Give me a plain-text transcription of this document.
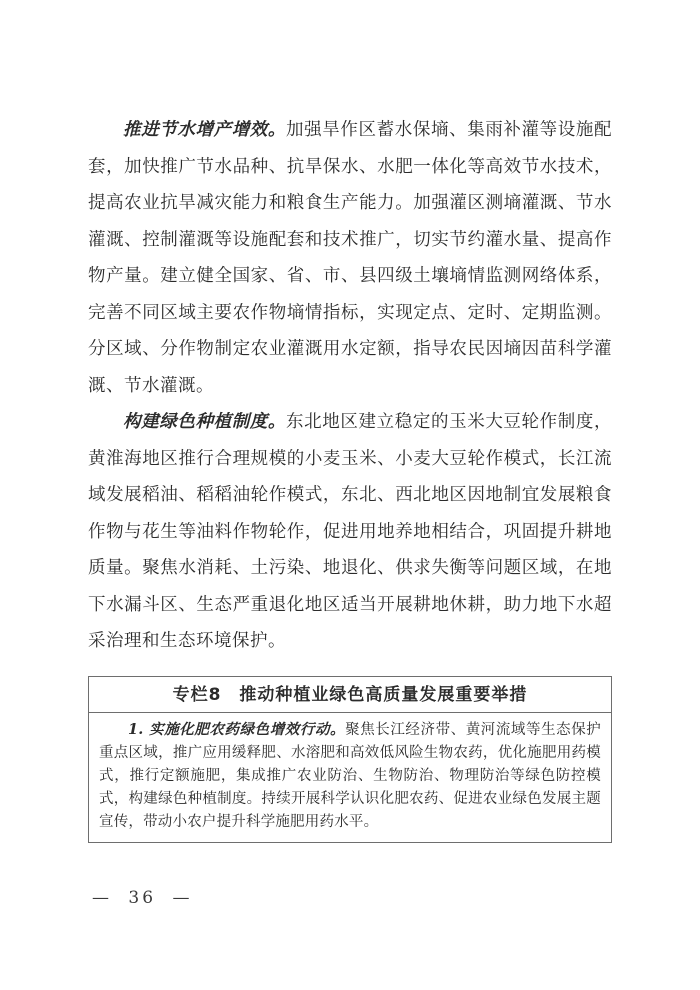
推进节水增产增效。加强旱作区蓄水保墒、集雨补灌等设施配套，加快推广节水品种、抗旱保水、水肥一体化等高效节水技术，提高农业抗旱减灾能力和粮食生产能力。加强灌区测墒灌溉、节水灌溉、控制灌溉等设施配套和技术推广，切实节约灌水量、提高作物产量。建立健全国家、省、市、县四级土壤墒情监测网络体系，完善不同区域主要农作物墒情指标，实现定点、定时、定期监测。分区域、分作物制定农业灌溉用水定额，指导农民因墒因苗科学灌溉、节水灌溉。

构建绿色种植制度。东北地区建立稳定的玉米大豆轮作制度，黄淮海地区推行合理规模的小麦玉米、小麦大豆轮作模式，长江流域发展稻油、稻稻油轮作模式，东北、西北地区因地制宜发展粮食作物与花生等油料作物轮作，促进用地养地相结合，巩固提升耕地质量。聚焦水消耗、土污染、地退化、供求失衡等问题区域，在地下水漏斗区、生态严重退化地区适当开展耕地休耕，助力地下水超采治理和生态环境保护。

专栏8　推动种植业绿色高质量发展重要举措
1. 实施化肥农药绿色增效行动。聚焦长江经济带、黄河流域等生态保护重点区域，推广应用缓释肥、水溶肥和高效低风险生物农药，优化施肥用药模式，推行定额施肥，集成推广农业防治、生物防治、物理防治等绿色防控模式，构建绿色种植制度。持续开展科学认识化肥农药、促进农业绿色发展主题宣传，带动小农户提升科学施肥用药水平。
— 36 —
